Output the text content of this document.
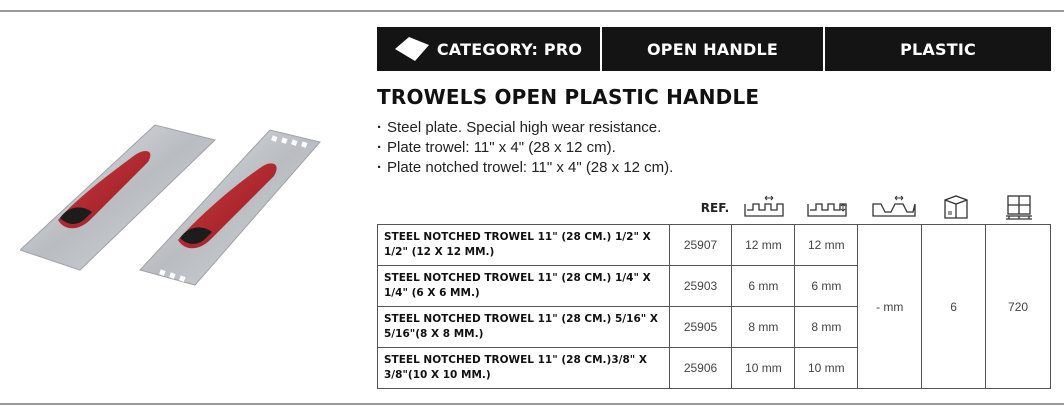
CATEGORY: PRO	OPEN HANDLE	PLASTIC
TROWELS OPEN PLASTIC HANDLE
· Steel plate. Special high wear resistance.
· Plate trowel: 11" x 4" (28 x 12 cm).
· Plate notched trowel: 11" x 4" (28 x 12 cm).
REF.
STEEL NOTCHED TROWEL 11" (28 CM.) 1/2" X 1/2" (12 X 12 MM.)	25907	12 mm	12 mm	- mm	6	720
STEEL NOTCHED TROWEL 11" (28 CM.) 1/4" X 1/4" (6 X 6 MM.)	25903	6 mm	6 mm			
STEEL NOTCHED TROWEL 11" (28 CM.) 5/16" X 5/16"(8 X 8 MM.)	25905	8 mm	8 mm			
STEEL NOTCHED TROWEL 11" (28 CM.)3/8" X 3/8"(10 X 10 MM.)	25906	10 mm	10 mm			
